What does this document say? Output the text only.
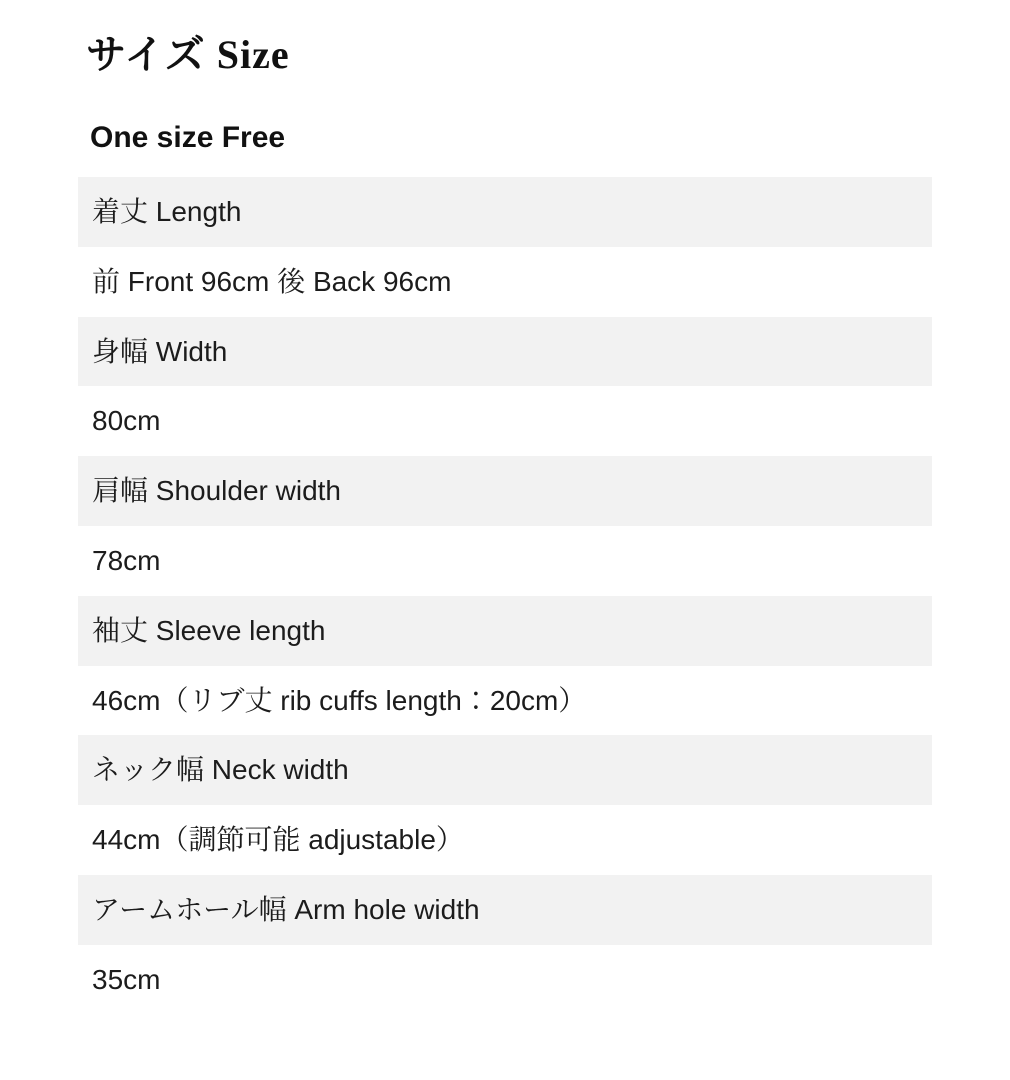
サイズ Size
One size Free
着丈 Length
前 Front 96cm 後 Back 96cm
身幅 Width
80cm
肩幅 Shoulder width
78cm
袖丈 Sleeve length
46cm（リブ丈 rib cuffs length：20cm）
ネック幅 Neck width
44cm（調節可能 adjustable）
アームホール幅 Arm hole width
35cm
